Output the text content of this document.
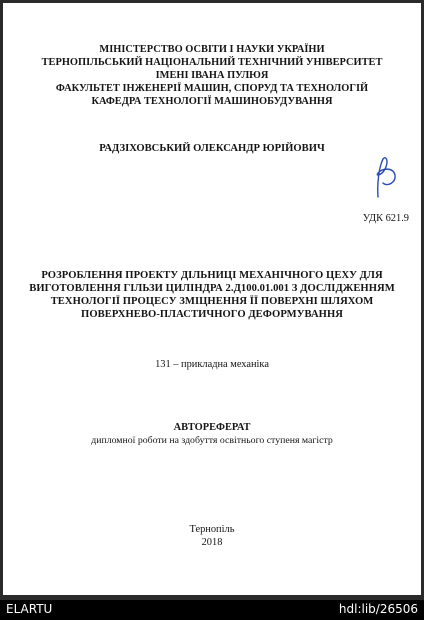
МІНІСТЕРСТВО ОСВІТИ І НАУКИ УКРАЇНИ
ТЕРНОПІЛЬСЬКИЙ НАЦІОНАЛЬНИЙ ТЕХНІЧНИЙ УНІВЕРСИТЕТ
ІМЕНІ ІВАНА ПУЛЮЯ
ФАКУЛЬТЕТ ІНЖЕНЕРІЇ МАШИН, СПОРУД ТА ТЕХНОЛОГІЙ
КАФЕДРА ТЕХНОЛОГІЇ МАШИНОБУДУВАННЯ
РАДЗІХОВСЬКИЙ ОЛЕКСАНДР ЮРІЙОВИЧ
УДК 621.9
РОЗРОБЛЕННЯ ПРОЕКТУ ДІЛЬНИЦІ МЕХАНІЧНОГО ЦЕХУ ДЛЯ
ВИГОТОВЛЕННЯ ГІЛЬЗИ ЦИЛІНДРА 2.Д100.01.001 З ДОСЛІДЖЕННЯМ
ТЕХНОЛОГІЇ ПРОЦЕСУ ЗМІЦНЕННЯ ЇЇ ПОВЕРХНІ ШЛЯХОМ
ПОВЕРХНЕВО-ПЛАСТИЧНОГО ДЕФОРМУВАННЯ
131 – прикладна механіка
АВТОРЕФЕРАТ
дипломної роботи на здобуття освітнього ступеня магістр
Тернопіль
2018
ELARTU	hdl:lib/26506
